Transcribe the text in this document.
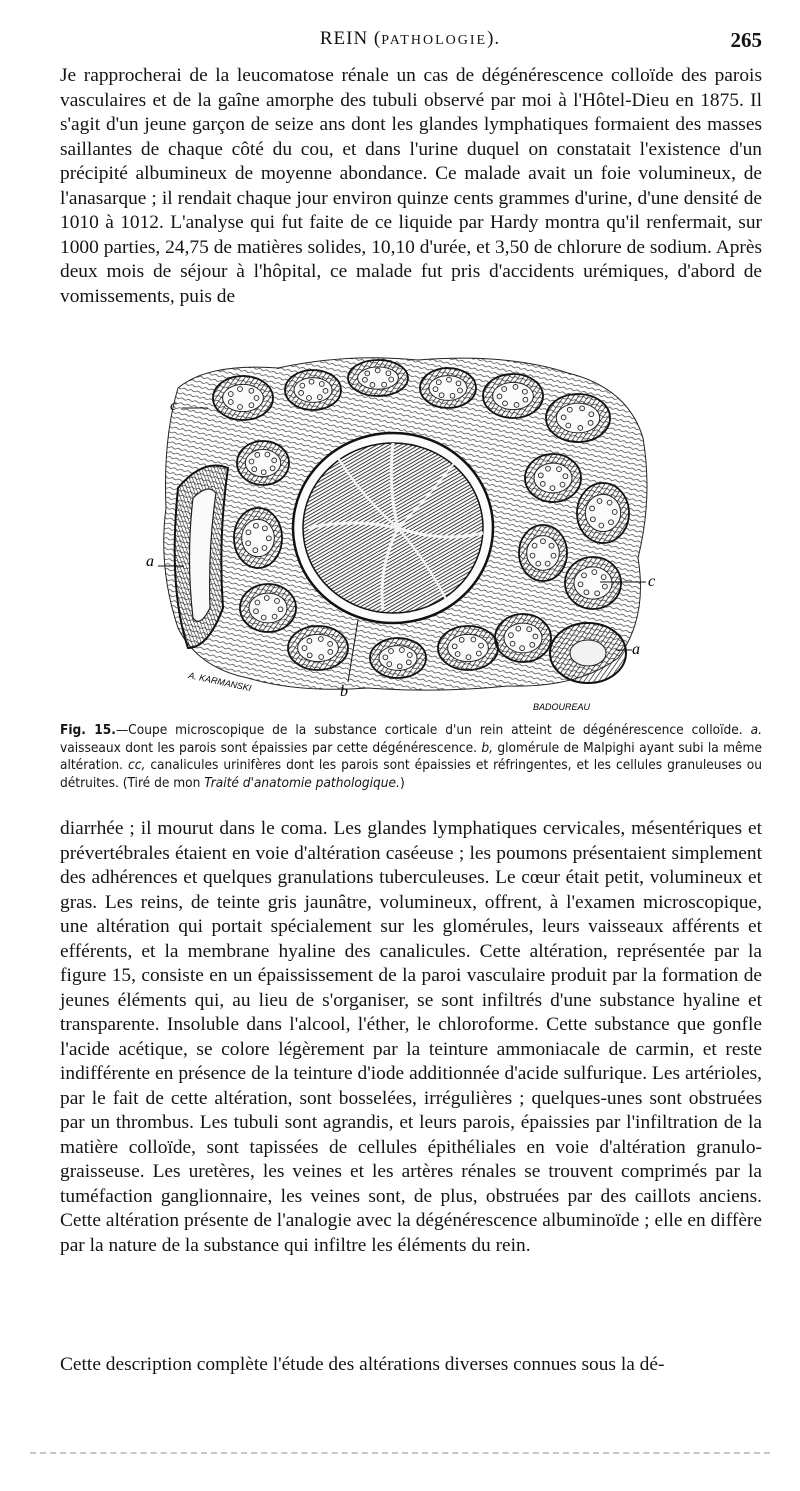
REIN (PATHOLOGIE).	265

Je rapprocherai de la leucomatose rénale un cas de dégénérescence colloïde des parois vasculaires et de la gaîne amorphe des tubuli observé par moi à l'Hôtel-Dieu en 1875. Il s'agit d'un jeune garçon de seize ans dont les glandes lymphatiques formaient des masses saillantes de chaque côté du cou, et dans l'urine duquel on constatait l'existence d'un précipité albumineux de moyenne abondance. Ce malade avait un foie volumineux, de l'anasarque ; il rendait chaque jour environ quinze cents grammes d'urine, d'une densité de 1010 à 1012. L'analyse qui fut faite de ce liquide par Hardy montra qu'il renfermait, sur 1000 parties, 24,75 de matières solides, 10,10 d'urée, et 3,50 de chlorure de sodium. Après deux mois de séjour à l'hôpital, ce malade fut pris d'accidents urémiques, d'abord de vomissements, puis de

c
a
c
a
b
A. KARMANSKI
BADOUREAU
Fig. 15.—Coupe microscopique de la substance corticale d'un rein atteint de dégénérescence colloïde. a. vaisseaux dont les parois sont épaissies par cette dégénérescence. b, glomérule de Malpighi ayant subi la même altération. cc, canalicules urinifères dont les parois sont épaissies et réfringentes, et les cellules granuleuses ou détruites. (Tiré de mon Traité d'anatomie pathologique.)

diarrhée ; il mourut dans le coma. Les glandes lymphatiques cervicales, mésentériques et prévertébrales étaient en voie d'altération caséeuse ; les poumons présentaient simplement des adhérences et quelques granulations tuberculeuses. Le cœur était petit, volumineux et gras. Les reins, de teinte gris jaunâtre, volumineux, offrent, à l'examen microscopique, une altération qui portait spécialement sur les glomérules, leurs vaisseaux afférents et efférents, et la membrane hyaline des canalicules. Cette altération, représentée par la figure 15, consiste en un épaississement de la paroi vasculaire produit par la formation de jeunes éléments qui, au lieu de s'organiser, se sont infiltrés d'une substance hyaline et transparente. Insoluble dans l'alcool, l'éther, le chloroforme. Cette substance que gonfle l'acide acétique, se colore légèrement par la teinture ammoniacale de carmin, et reste indifférente en présence de la teinture d'iode additionnée d'acide sulfurique. Les artérioles, par le fait de cette altération, sont bosselées, irrégulières ; quelques-unes sont obstruées par un thrombus. Les tubuli sont agrandis, et leurs parois, épaissies par l'infiltration de la matière colloïde, sont tapissées de cellules épithéliales en voie d'altération granulo-graisseuse. Les uretères, les veines et les artères rénales se trouvent comprimés par la tuméfaction ganglionnaire, les veines sont, de plus, obstruées par des caillots anciens. Cette altération présente de l'analogie avec la dégénérescence albuminoïde ; elle en diffère par la nature de la substance qui infiltre les éléments du rein.

Cette description complète l'étude des altérations diverses connues sous la dé-
